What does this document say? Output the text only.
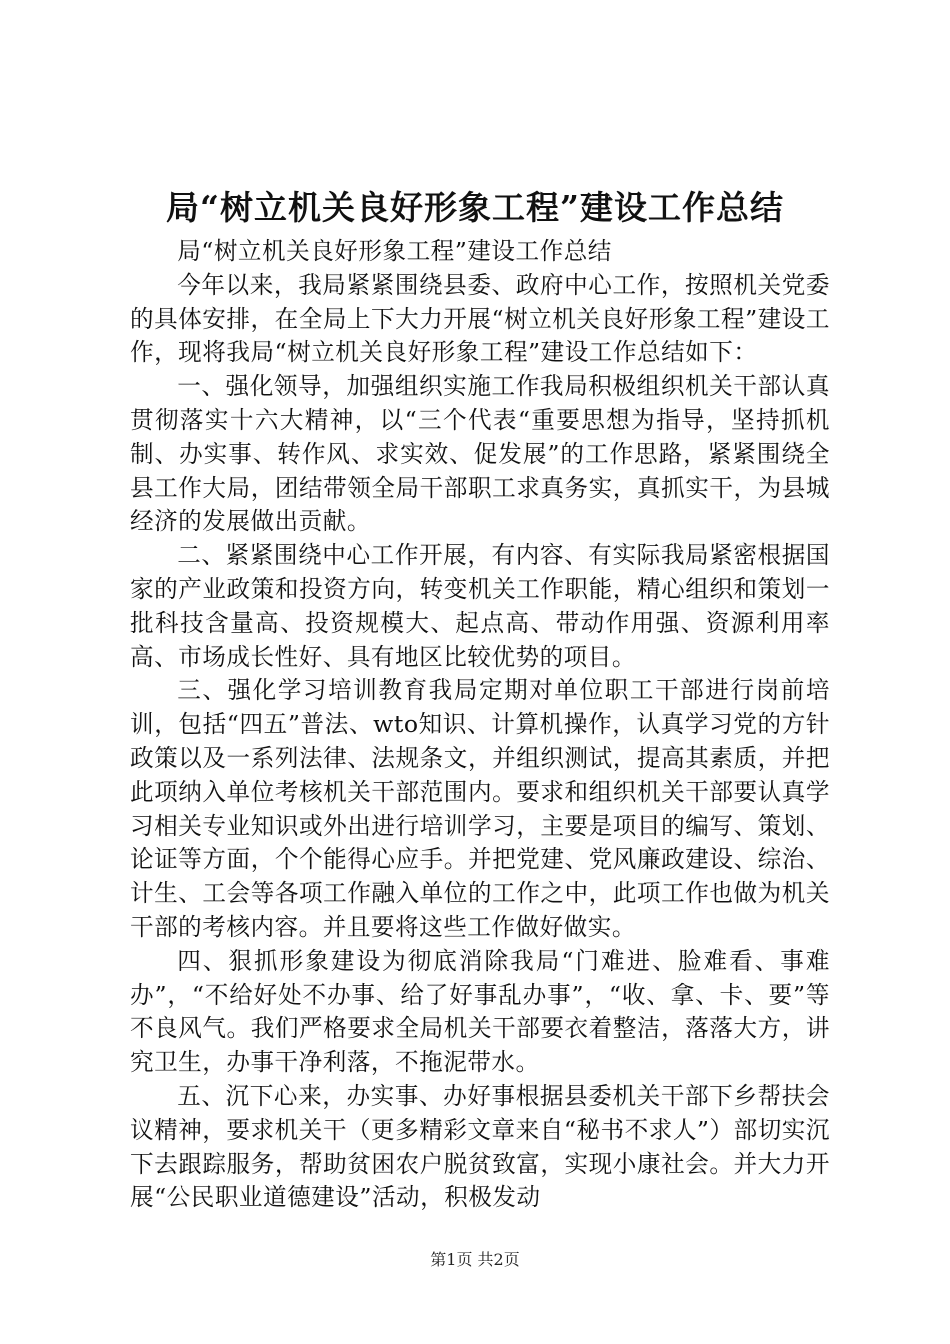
局“树立机关良好形象工程”建设工作总结

局“树立机关良好形象工程”建设工作总结

今年以来，我局紧紧围绕县委、政府中心工作，按照机关党委的具体安排，在全局上下大力开展“树立机关良好形象工程”建设工作，现将我局“树立机关良好形象工程”建设工作总结如下：

一、强化领导，加强组织实施工作我局积极组织机关干部认真贯彻落实十六大精神，以“三个代表“重要思想为指导，坚持抓机制、办实事、转作风、求实效、促发展”的工作思路，紧紧围绕全县工作大局，团结带领全局干部职工求真务实，真抓实干，为县城经济的发展做出贡献。

二、紧紧围绕中心工作开展，有内容、有实际我局紧密根据国家的产业政策和投资方向，转变机关工作职能，精心组织和策划一批科技含量高、投资规模大、起点高、带动作用强、资源利用率高、市场成长性好、具有地区比较优势的项目。

三、强化学习培训教育我局定期对单位职工干部进行岗前培训，包括“四五”普法、wto知识、计算机操作，认真学习党的方针政策以及一系列法律、法规条文，并组织测试，提高其素质，并把此项纳入单位考核机关干部范围内。要求和组织机关干部要认真学习相关专业知识或外出进行培训学习，主要是项目的编写、策划、论证等方面，个个能得心应手。并把党建、党风廉政建设、综治、计生、工会等各项工作融入单位的工作之中，此项工作也做为机关干部的考核内容。并且要将这些工作做好做实。

四、狠抓形象建设为彻底消除我局“门难进、脸难看、事难办”，“不给好处不办事、给了好事乱办事”，“收、拿、卡、要”等不良风气。我们严格要求全局机关干部要衣着整洁，落落大方，讲究卫生，办事干净利落，不拖泥带水。

五、沉下心来，办实事、办好事根据县委机关干部下乡帮扶会议精神，要求机关干（更多精彩文章来自“秘书不求人”）部切实沉下去跟踪服务，帮助贫困农户脱贫致富，实现小康社会。并大力开展“公民职业道德建设”活动，积极发动

第1页 共2页
